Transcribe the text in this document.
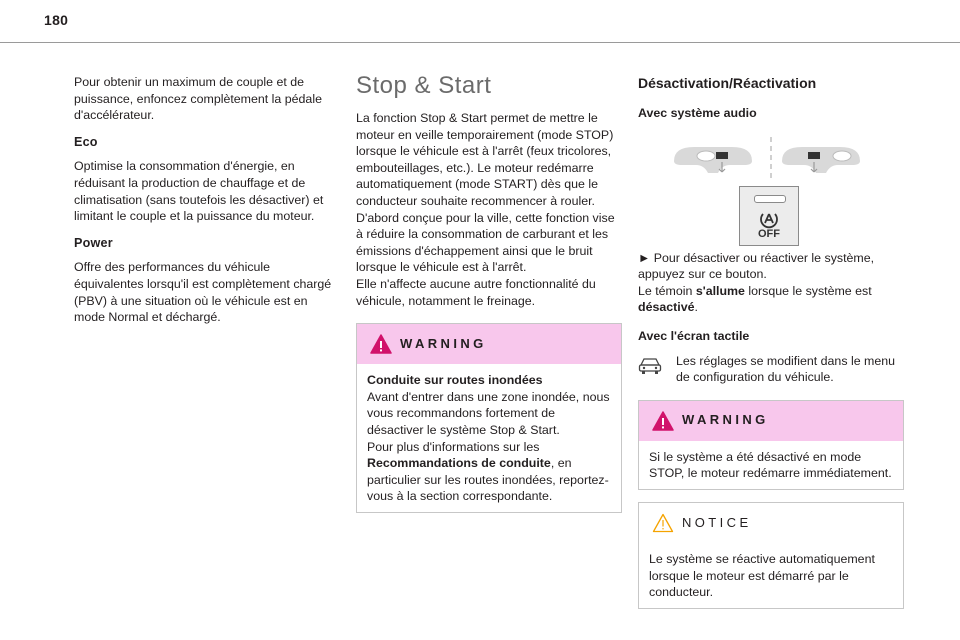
180

Pour obtenir un maximum de couple et de puissance, enfoncez complètement la pédale d'accélérateur.

Eco

Optimise la consommation d'énergie, en réduisant la production de chauffage et de climatisation (sans toutefois les désactiver) et limitant le couple et la puissance du moteur.

Power

Offre des performances du véhicule équivalentes lorsqu'il est complètement chargé (PBV) à une situation où le véhicule est en mode Normal et déchargé.

Stop & Start

La fonction Stop & Start permet de mettre le moteur en veille temporairement (mode STOP) lorsque le véhicule est à l'arrêt (feux tricolores, embouteillages, etc.). Le moteur redémarre automatiquement (mode START) dès que le conducteur souhaite recommencer à rouler.

D'abord conçue pour la ville, cette fonction vise à réduire la consommation de carburant et les émissions d'échappement ainsi que le bruit lorsque le véhicule est à l'arrêt.

Elle n'affecte aucune autre fonctionnalité du véhicule, notamment le freinage.

WARNING
Conduite sur routes inondées
Avant d'entrer dans une zone inondée, nous vous recommandons fortement de désactiver le système Stop & Start.
Pour plus d'informations sur les
Recommandations de conduite, en particulier sur les routes inondées, reportez-vous à la section correspondante.
Désactivation/Réactivation
Avec système audio
OFF

► Pour désactiver ou réactiver le système, appuyez sur ce bouton.

Le témoin s'allume lorsque le système est désactivé.

Avec l'écran tactile
Les réglages se modifient dans le menu de configuration du véhicule.
WARNING
Si le système a été désactivé en mode STOP, le moteur redémarre immédiatement.
NOTICE
Le système se réactive automatiquement lorsque le moteur est démarré par le conducteur.
